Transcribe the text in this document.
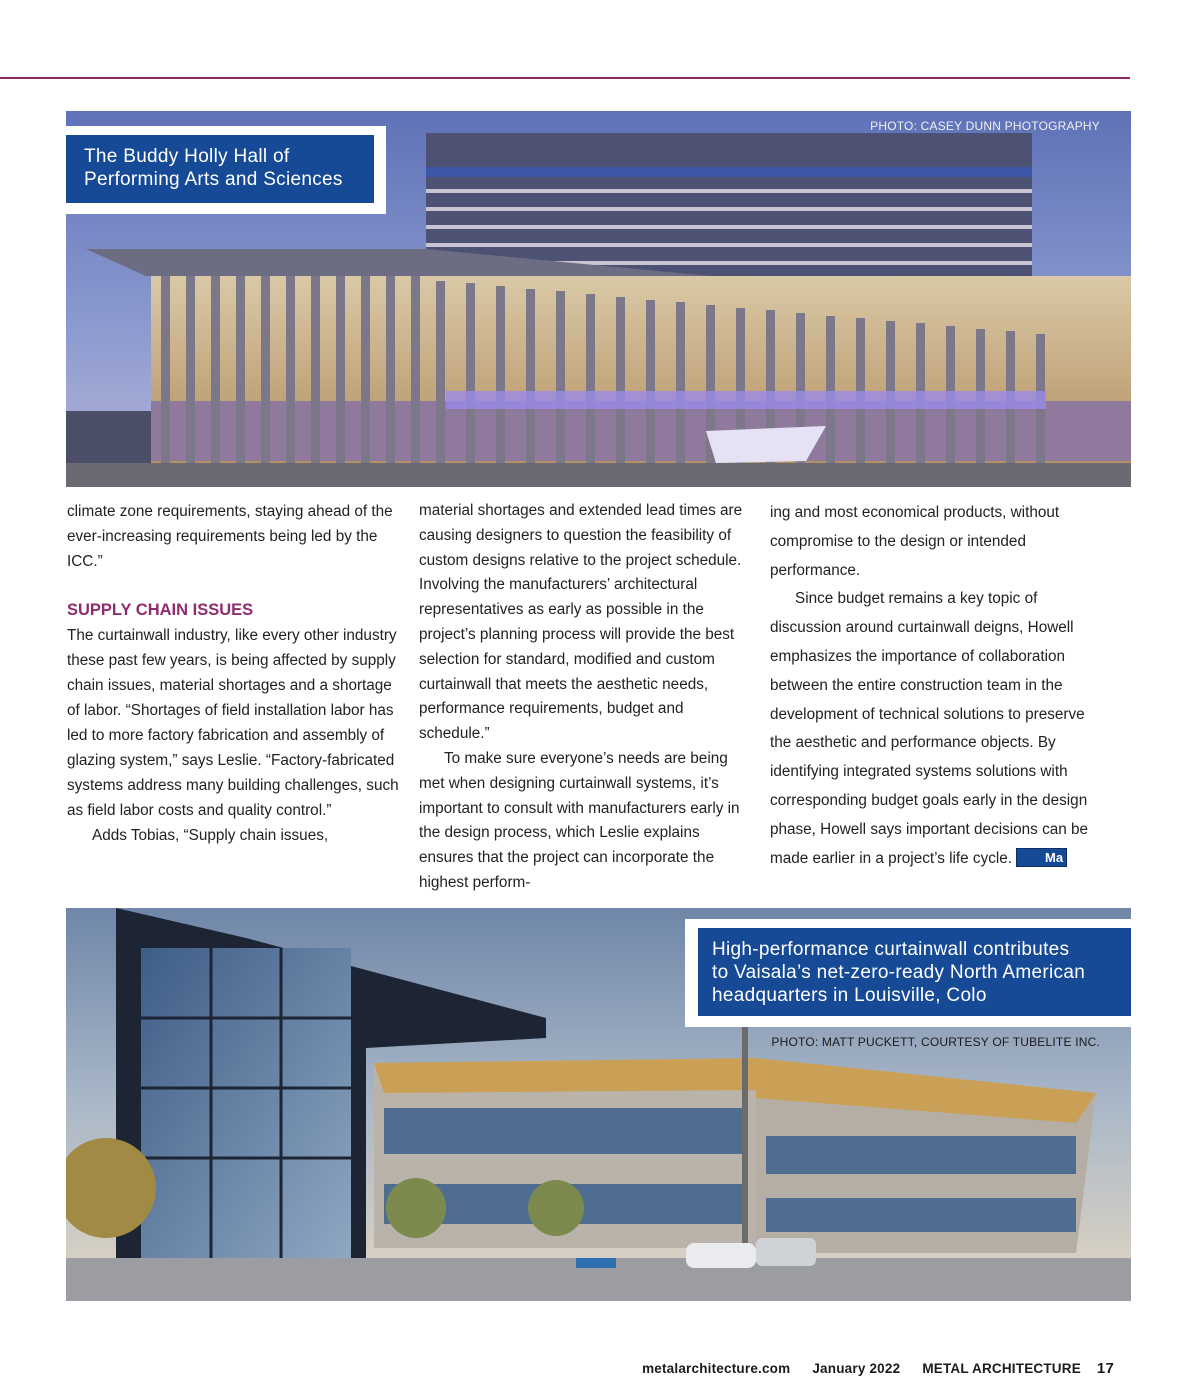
PHOTO: CASEY DUNN PHOTOGRAPHY
The Buddy Holly Hall of
Performing Arts and Sciences

climate zone requirements, staying ahead of the ever-increasing requirements being led by the ICC.”

SUPPLY CHAIN ISSUES

The curtainwall industry, like every other industry these past few years, is being affected by supply chain issues, material shortages and a shortage of labor. “Shortages of field installation labor has led to more factory fabrication and assembly of glazing system,” says Leslie. “Factory-fabricated systems address many building challenges, such as field labor costs and quality control.”

Adds Tobias, “Supply chain issues,

material shortages and extended lead times are causing designers to question the feasibility of custom designs relative to the project schedule. Involving the manufacturers’ architectural representatives as early as possible in the project’s planning process will provide the best selection for standard, modified and custom curtainwall that meets the aesthetic needs, performance requirements, budget and schedule.”

To make sure everyone’s needs are being met when designing curtainwall systems, it’s important to consult with manufacturers early in the design process, which Leslie explains ensures that the project can incorporate the highest perform-

ing and most economical products, without compromise to the design or intended performance.

Since budget remains a key topic of discussion around curtainwall deigns, Howell emphasizes the importance of collaboration between the entire construction team in the development of technical solutions to preserve the aesthetic and performance objects. By identifying integrated systems solutions with corresponding budget goals early in the design phase, Howell says important decisions can be made earlier in a project’s life cycle.	Ma

High-performance curtainwall contributes
to Vaisala’s net-zero-ready North American
headquarters in Louisville, Colo
PHOTO: MATT PUCKETT, COURTESY OF TUBELITE INC.
metalarchitecture.com January 2022 METAL ARCHITECTURE 17
